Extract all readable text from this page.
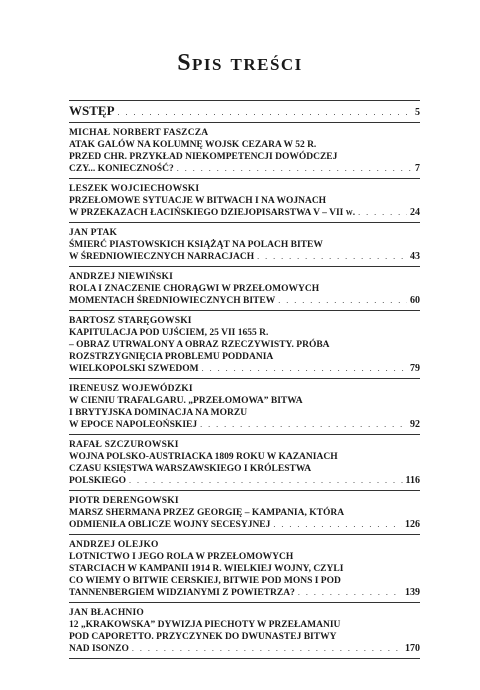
Spis treści
WSTĘP . . .	5
MICHAŁ NORBERT FASZCZA
ATAK GALÓW NA KOLUMNĘ WOJSK CEZARA W 52 R.
PRZED CHR. PRZYKŁAD NIEKOMPETENCJI DOWÓDCZEJ
CZY... KONIECZNOŚĆ? . . .	7
LESZEK WOJCIECHOWSKI
PRZEŁOMOWE SYTUACJE W BITWACH I NA WOJNACH
W PRZEKAZACH ŁACIŃSKIEGO DZIEJOPISARSTWA V – VII w. . . .	24
JAN PTAK
ŚMIERĆ PIASTOWSKICH KSIĄŻĄT NA POLACH BITEW
W ŚREDNIOWIECZNYCH NARRACJACH . . .	43
ANDRZEJ NIEWIŃSKI
ROLA I ZNACZENIE CHORĄGWI W PRZEŁOMOWYCH
MOMENTACH ŚREDNIOWIECZNYCH BITEW . . .	60
BARTOSZ STARĘGOWSKI
KAPITULACJA POD UJŚCIEM, 25 VII 1655 R.
– OBRAZ UTRWALONY A OBRAZ RZECZYWISTY. PRÓBA
ROZSTRZYGNIĘCIA PROBLEMU PODDANIA
WIELKOPOLSKI SZWEDOM . . .	79
IRENEUSZ WOJEWÓDZKI
W CIENIU TRAFALGARU. „PRZEŁOMOWA” BITWA
I BRYTYJSKA DOMINACJA NA MORZU
W EPOCE NAPOLEOŃSKIEJ . . .	92
RAFAŁ SZCZUROWSKI
WOJNA POLSKO-AUSTRIACKA 1809 ROKU W KAZANIACH
CZASU KSIĘSTWA WARSZAWSKIEGO I KRÓLESTWA
POLSKIEGO . . .	116
PIOTR DERENGOWSKI
MARSZ SHERMANA PRZEZ GEORGIĘ – KAMPANIA, KTÓRA
ODMIENIŁA OBLICZE WOJNY SECESYJNEJ . . .	126
ANDRZEJ OLEJKO
LOTNICTWO I JEGO ROLA W PRZEŁOMOWYCH
STARCIACH W KAMPANII 1914 R. WIELKIEJ WOJNY, CZYLI
CO WIEMY O BITWIE CERSKIEJ, BITWIE POD MONS I POD
TANNENBERGIEM WIDZIANYMI Z POWIETRZA? . . .	139
JAN BŁACHNIO
12 „KRAKOWSKA” DYWIZJA PIECHOTY W PRZEŁAMANIU
POD CAPORETTO. PRZYCZYNEK DO DWUNASTEJ BITWY
NAD ISONZO . . .	170
